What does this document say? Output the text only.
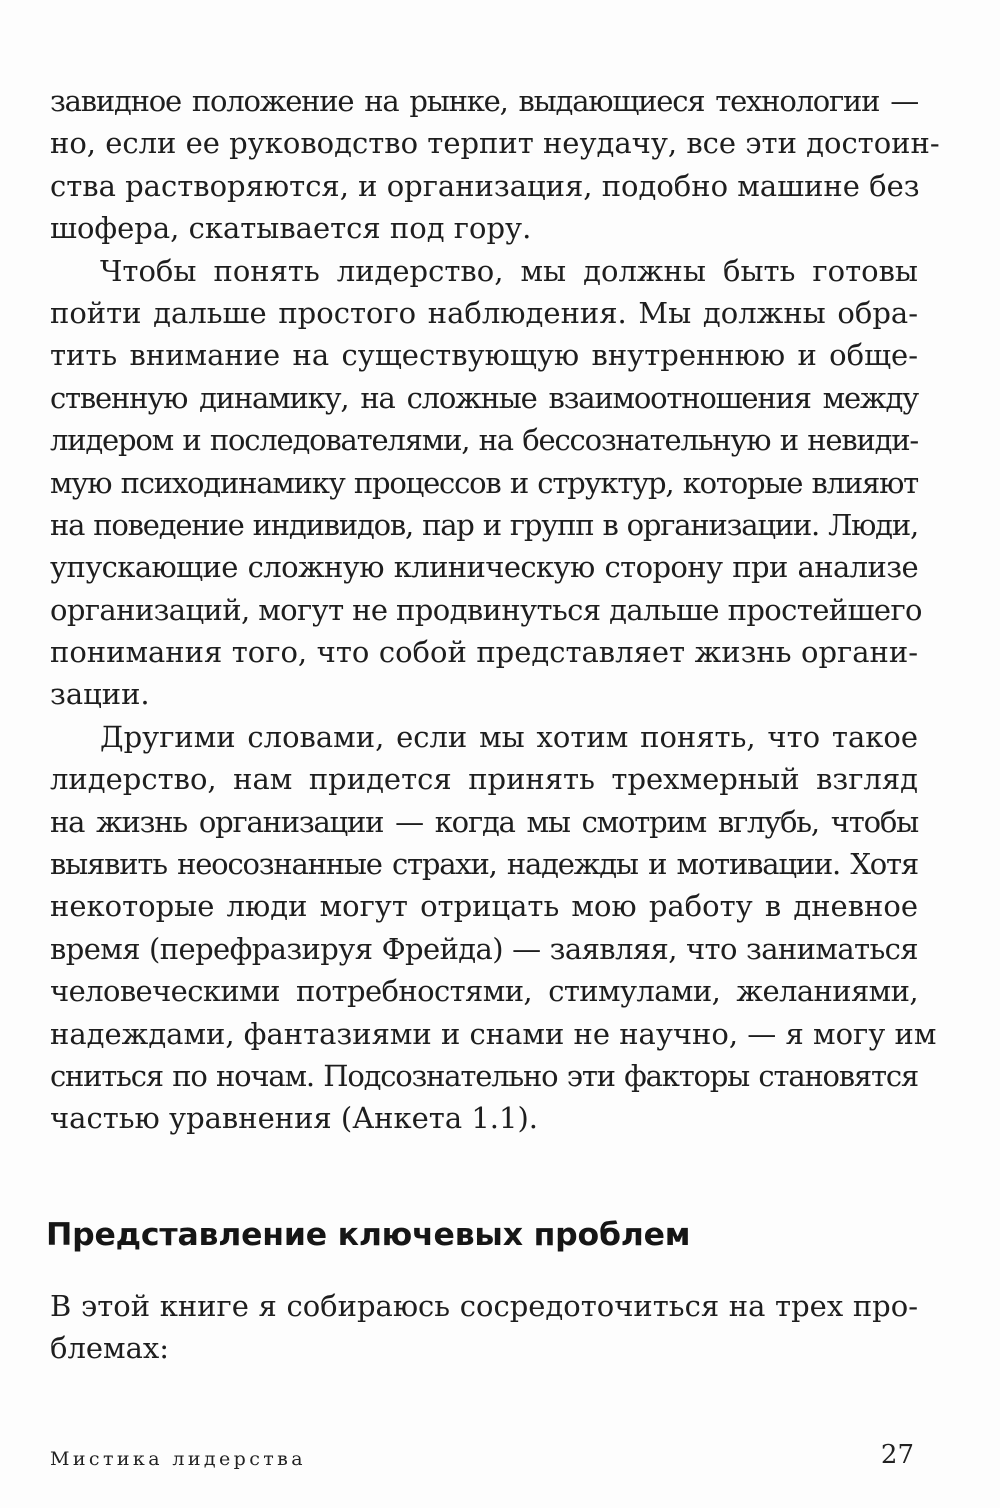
завидное положение на рынке, выдающиеся технологии —
но, если ее руководство терпит неудачу, все эти достоин-
ства растворяются, и организация, подобно машине без
шофера, скатывается под гору.
Чтобы понять лидерство, мы должны быть готовы
пойти дальше простого наблюдения. Мы должны обра-
тить внимание на существующую внутреннюю и обще-
ственную динамику, на сложные взаимоотношения между
лидером и последователями, на бессознательную и невиди-
мую психодинамику процессов и структур, которые влияют
на поведение индивидов, пар и групп в организации. Люди,
упускающие сложную клиническую сторону при анализе
организаций, могут не продвинуться дальше простейшего
понимания того, что собой представляет жизнь органи-
зации.
Другими словами, если мы хотим понять, что такое
лидерство, нам придется принять трехмерный взгляд
на жизнь организации — когда мы смотрим вглубь, чтобы
выявить неосознанные страхи, надежды и мотивации. Хотя
некоторые люди могут отрицать мою работу в дневное
время (перефразируя Фрейда) — заявляя, что заниматься
человеческими потребностями, стимулами, желаниями,
надеждами, фантазиями и снами не научно, — я могу им
сниться по ночам. Подсознательно эти факторы становятся
частью уравнения (Анкета 1.1).
Представление ключевых проблем
В этой книге я собираюсь сосредоточиться на трех про-
блемах:
Мистика лидерства	27
